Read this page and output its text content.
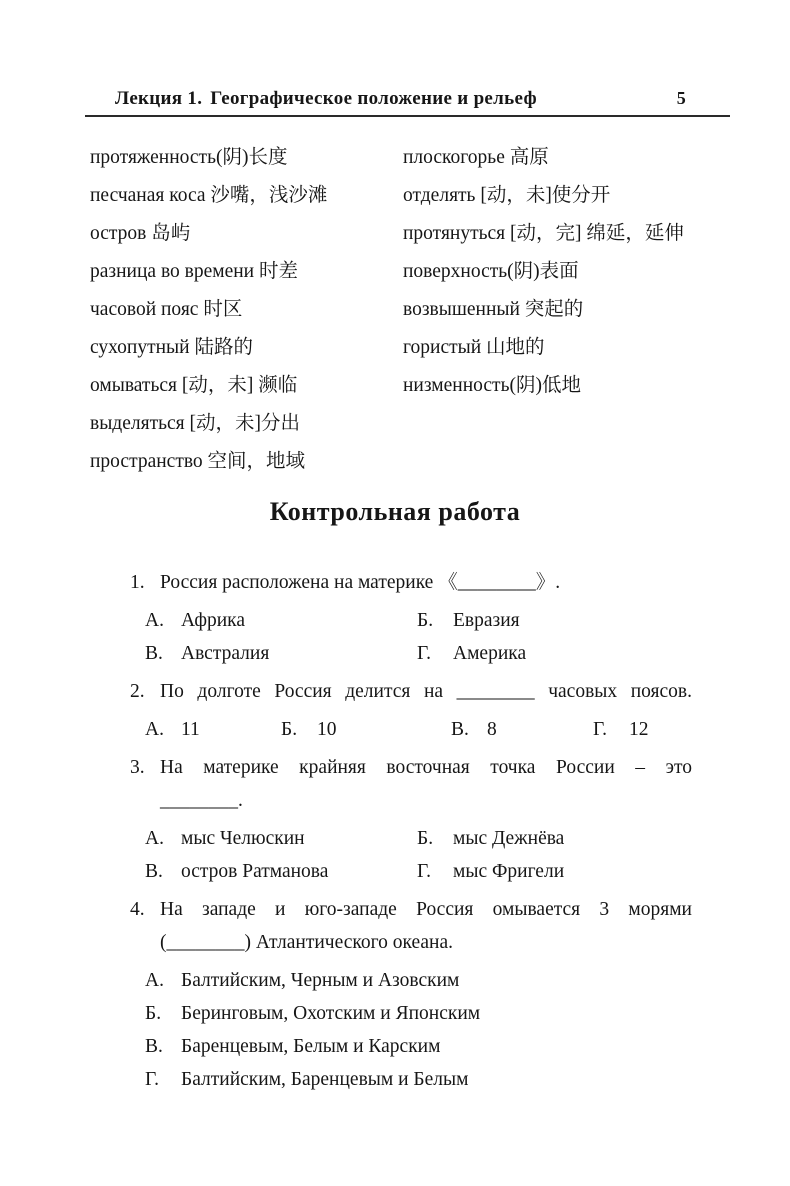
Лекция 1. Географическое положение и рельеф	5
протяженность(阴)长度
песчаная коса 沙嘴，浅沙滩
остров 岛屿
разница во времени 时差
часовой пояс 时区
сухопутный 陆路的
омываться [动，未] 濒临
выделяться [动，未]分出
пространство 空间，地域
плоскогорье 高原
отделять [动，未]使分开
протянуться [动，完] 绵延，延伸
поверхность(阴)表面
возвышенный 突起的
гористый 山地的
низменность(阴)低地
Контрольная работа
1. Россия расположена на материке 《________》.
А. Африка	Б.	Евразия
В. Австралия	Г.	Америка
2. По долготе Россия делится на ________ часовых поясов.
А. 11	Б.	10	В. 8	Г.	12
3. На материке крайняя восточная точка России – это
________.
А. мыс Челюскин	Б.	мыс Дежнёва
В. остров Ратманова	Г.	мыс Фригели
4. На западе и юго-западе Россия омывается 3 морями
(________) Атлантического океана.
А. Балтийским, Черным и Азовским
Б.	Беринговым, Охотским и Японским
В. Баренцевым, Белым и Карским
Г.	Балтийским, Баренцевым и Белым
